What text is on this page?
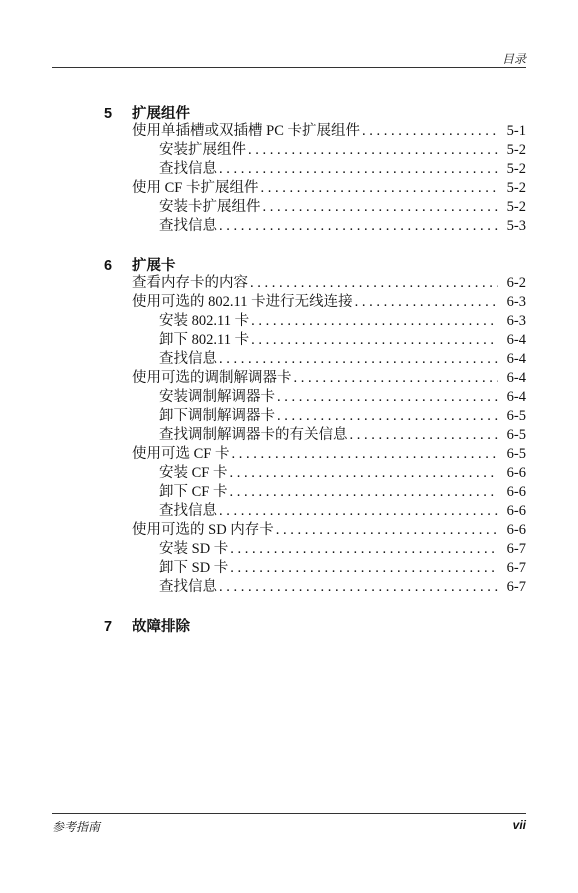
目录
5	扩展组件
使用单插槽或双插槽 PC 卡扩展组件 . . .	5-1
安装扩展组件 . . .	5-2
查找信息 . . .	5-2
使用 CF 卡扩展组件 . . .	5-2
安装卡扩展组件 . . .	5-2
查找信息 . . .	5-3
6	扩展卡
查看内存卡的内容 . . .	6-2
使用可选的 802.11 卡进行无线连接 . . .	6-3
安装 802.11 卡 . . .	6-3
卸下 802.11 卡 . . .	6-4
查找信息 . . .	6-4
使用可选的调制解调器卡 . . .	6-4
安装调制解调器卡 . . .	6-4
卸下调制解调器卡 . . .	6-5
查找调制解调器卡的有关信息 . . .	6-5
使用可选 CF 卡 . . .	6-5
安装 CF 卡 . . .	6-6
卸下 CF 卡 . . .	6-6
查找信息 . . .	6-6
使用可选的 SD 内存卡 . . .	6-6
安装 SD 卡 . . .	6-7
卸下 SD 卡 . . .	6-7
查找信息 . . .	6-7
7	故障排除
参考指南	vii
